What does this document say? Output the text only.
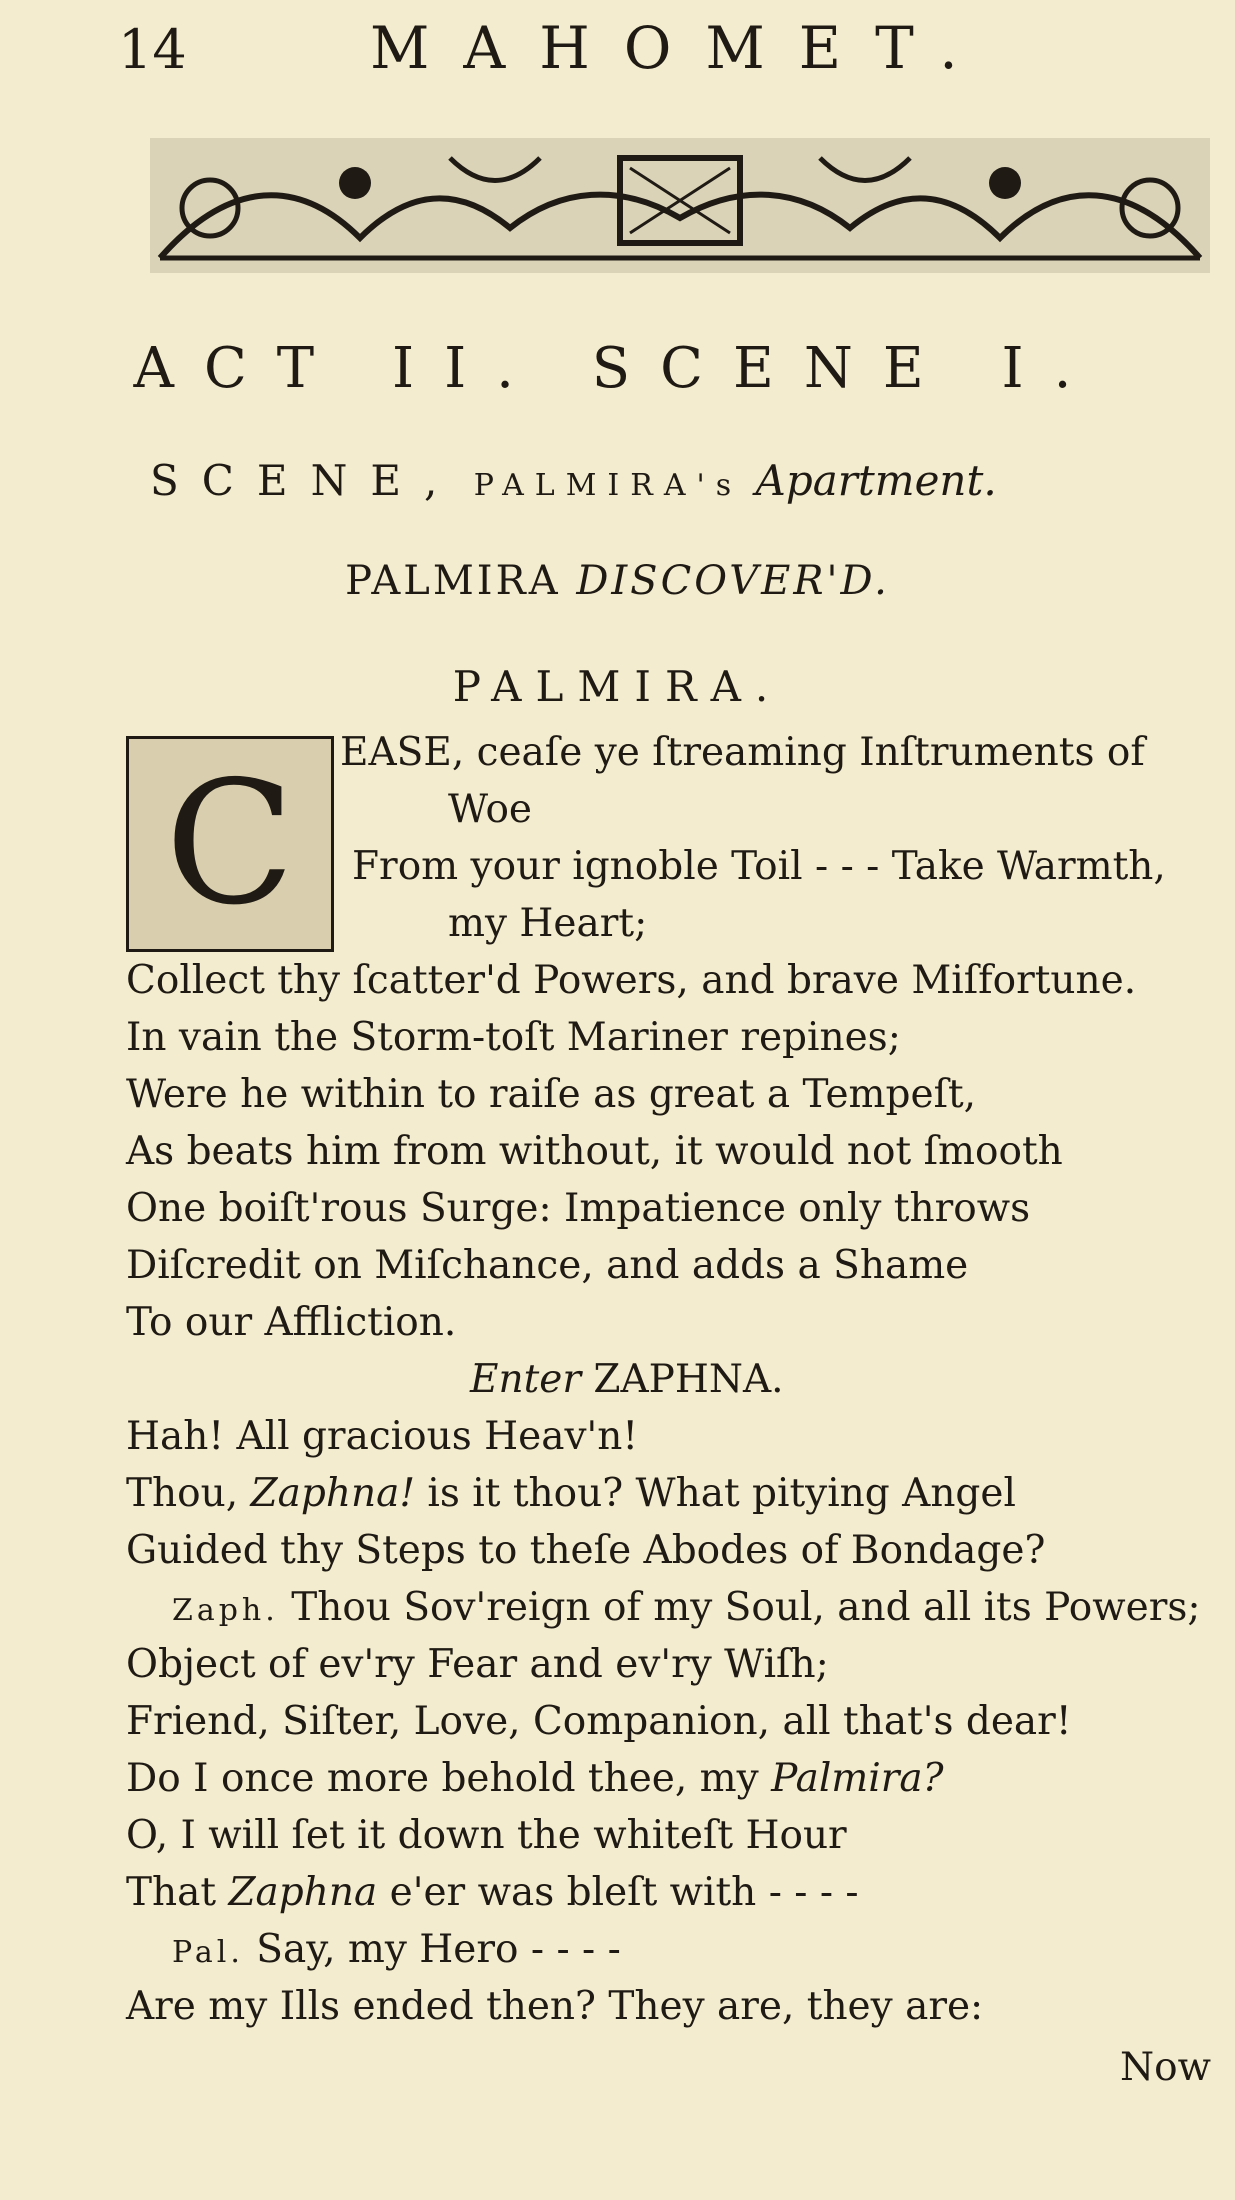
14	MAHOMET.
ACT II. SCENE I.
SCENE, PALMIRA's Apartment.
PALMIRA DISCOVER'D.
PALMIRA.
C	EASE, ceaſe ye ſtreaming Inſtruments of
Woe
From your ignoble Toil - - - Take Warmth,
my Heart;
Collect thy ſcatter'd Powers, and brave Miſfortune.
In vain the Storm-toſt Mariner repines;
Were he within to raiſe as great a Tempeſt,
As beats him from without, it would not ſmooth
One boiſt'rous Surge: Impatience only throws
Diſcredit on Miſchance, and adds a Shame
To our Affliction.
Enter ZAPHNA.
Hah! All gracious Heav'n!
Thou, Zaphna! is it thou? What pitying Angel
Guided thy Steps to theſe Abodes of Bondage?
Zaph. Thou Sov'reign of my Soul, and all its Powers;
Object of ev'ry Fear and ev'ry Wiſh;
Friend, Siſter, Love, Companion, all that's dear!
Do I once more behold thee, my Palmira?
O, I will ſet it down the whiteſt Hour
That Zaphna e'er was bleſt with - - - -
Pal. Say, my Hero - - - -
Are my Ills ended then? They are, they are:
Now
